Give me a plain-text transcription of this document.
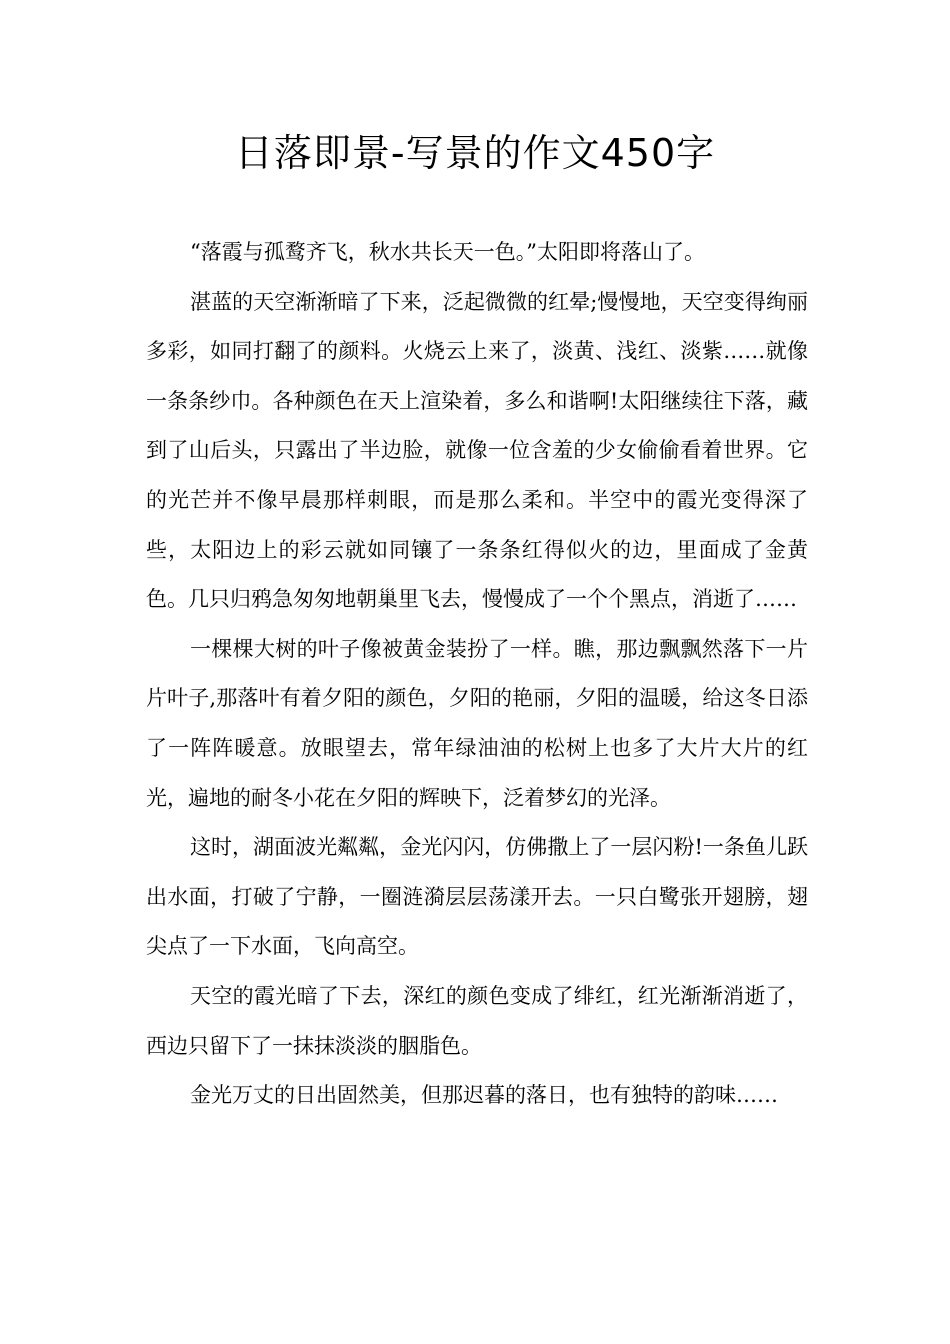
日落即景-写景的作文450字

“落霞与孤鹜齐飞，秋水共长天一色。”太阳即将落山了。

湛蓝的天空渐渐暗了下来，泛起微微的红晕;慢慢地，天空变得绚丽多彩，如同打翻了的颜料。火烧云上来了，淡黄、浅红、淡紫……就像一条条纱巾。各种颜色在天上渲染着，多么和谐啊!太阳继续往下落，藏到了山后头，只露出了半边脸，就像一位含羞的少女偷偷看着世界。它的光芒并不像早晨那样刺眼，而是那么柔和。半空中的霞光变得深了些，太阳边上的彩云就如同镶了一条条红得似火的边，里面成了金黄色。几只归鸦急匆匆地朝巢里飞去，慢慢成了一个个黑点，消逝了……

一棵棵大树的叶子像被黄金装扮了一样。瞧，那边飘飘然落下一片片叶子,那落叶有着夕阳的颜色，夕阳的艳丽，夕阳的温暖，给这冬日添了一阵阵暖意。放眼望去，常年绿油油的松树上也多了大片大片的红光，遍地的耐冬小花在夕阳的辉映下，泛着梦幻的光泽。

这时，湖面波光粼粼，金光闪闪，仿佛撒上了一层闪粉!一条鱼儿跃出水面，打破了宁静，一圈涟漪层层荡漾开去。一只白鹭张开翅膀，翅尖点了一下水面，飞向高空。

天空的霞光暗了下去，深红的颜色变成了绯红，红光渐渐消逝了，西边只留下了一抹抹淡淡的胭脂色。

金光万丈的日出固然美，但那迟暮的落日，也有独特的韵味……
